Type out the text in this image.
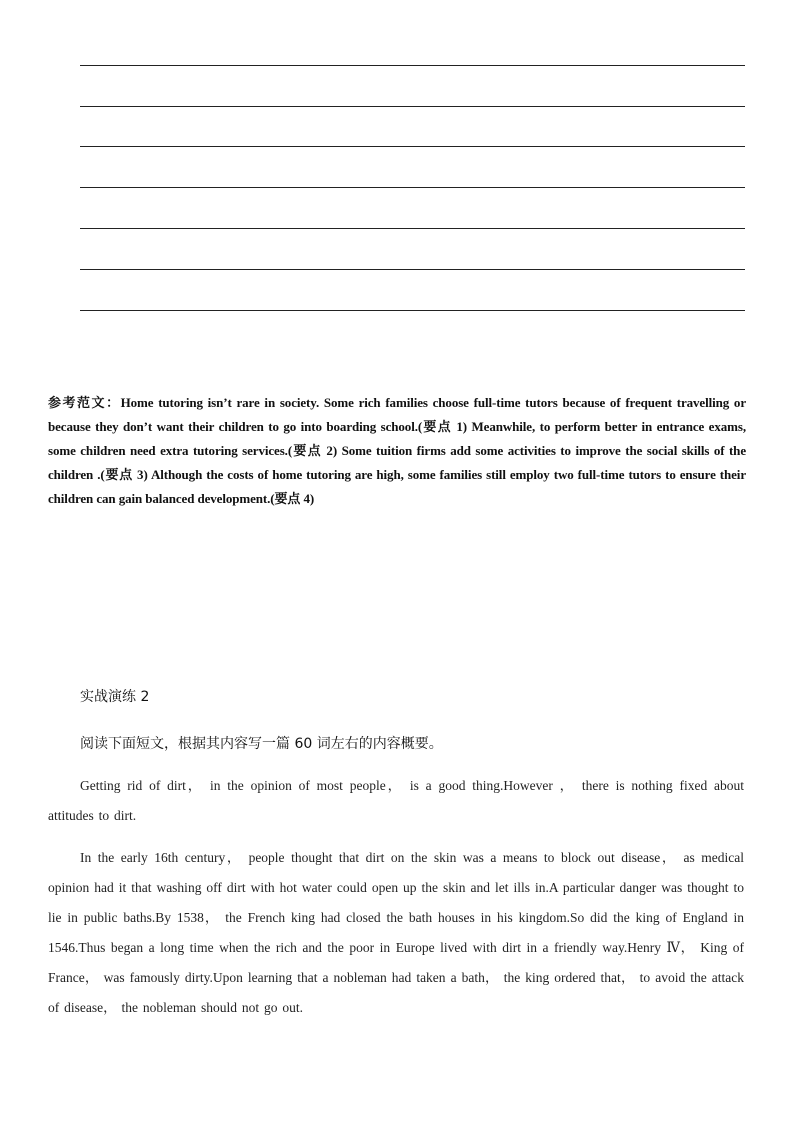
参考范文：Home tutoring isn’t rare in society. Some rich families choose full-time tutors because of frequent travelling or because they don’t want their children to go into boarding school.(要点 1) Meanwhile, to perform better in entrance exams, some children need extra tutoring services.(要点 2) Some tuition firms add some activities to improve the social skills of the children .(要点 3) Although the costs of home tutoring are high, some families still employ two full-time tutors to ensure their children can gain balanced development.(要点 4)
实战演练 2
阅读下面短文，根据其内容写一篇 60 词左右的内容概要。

Getting rid of dirt， in the opinion of most people， is a good thing.However ， there is nothing fixed about attitudes to dirt.

In the early 16th century， people thought that dirt on the skin was a means to block out disease， as medical opinion had it that washing off dirt with hot water could open up the skin and let ills in.A particular danger was thought to lie in public baths.By 1538， the French king had closed the bath houses in his kingdom.So did the king of England in 1546.Thus began a long time when the rich and the poor in Europe lived with dirt in a friendly way.Henry Ⅳ， King of France， was famously dirty.Upon learning that a nobleman had taken a bath， the king ordered that， to avoid the attack of disease， the nobleman should not go out.
